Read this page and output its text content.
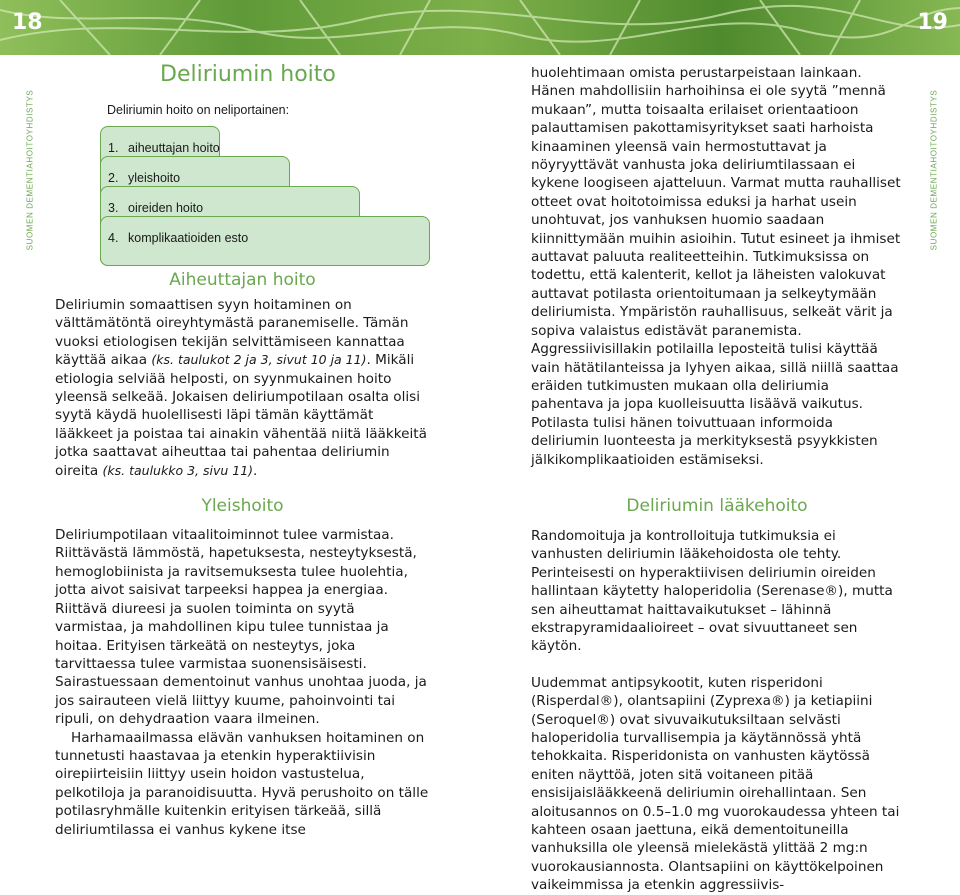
18	19
SUOMEN DEMENTIAHOITOYHDISTYS	SUOMEN DEMENTIAHOITOYHDISTYS
Deliriumin hoito
Deliriumin hoito on neliportainen:
1. aiheuttajan hoito
2. yleishoito
3. oireiden hoito
4. komplikaatioiden esto
Aiheuttajan hoito

Deliriumin somaattisen syyn hoitaminen on välttämätöntä oireyhtymästä paranemiselle. Tämän vuoksi etiologisen tekijän selvittämiseen kannattaa käyttää aikaa (ks. taulukot 2 ja 3, sivut 10 ja 11). Mikäli etiologia selviää helposti, on syynmukainen hoito yleensä selkeää. Jokaisen deliriumpotilaan osalta olisi syytä käydä huolellisesti läpi tämän käyttämät lääkkeet ja poistaa tai ainakin vähentää niitä lääkkeitä jotka saattavat aiheuttaa tai pahentaa deliriumin oireita (ks. taulukko 3, sivu 11).

Yleishoito

Deliriumpotilaan vitaalitoiminnot tulee varmistaa. Riittävästä lämmöstä, hapetuksesta, nesteytyksestä, hemoglobiinista ja ravitsemuksesta tulee huolehtia, jotta aivot saisivat tarpeeksi happea ja energiaa. Riittävä diureesi ja suolen toiminta on syytä varmistaa, ja mahdollinen kipu tulee tunnistaa ja hoitaa. Erityisen tärkeätä on nesteytys, joka tarvittaessa tulee varmistaa suonensisäisesti. Sairastuessaan dementoinut vanhus unohtaa juoda, ja jos sairauteen vielä liittyy kuume, pahoinvointi tai ripuli, on dehydraation vaara ilmeinen.

Harhamaailmassa elävän vanhuksen hoitaminen on tunnetusti haastavaa ja etenkin hyperaktiivisin oirepiirteisiin liittyy usein hoidon vastustelua, pelkotiloja ja paranoidisuutta. Hyvä perushoito on tälle potilasryhmälle kuitenkin erityisen tärkeää, sillä deliriumtilassa ei vanhus kykene itse

huolehtimaan omista perustarpeistaan lainkaan. Hänen mahdollisiin harhoihinsa ei ole syytä ”mennä mukaan”, mutta toisaalta erilaiset orientaatioon palauttamisen pakottamisyritykset saati harhoista kinaaminen yleensä vain hermostuttavat ja nöyryyttävät vanhusta joka deliriumtilassaan ei kykene loogiseen ajatteluun. Varmat mutta rauhalliset otteet ovat hoitotoimissa eduksi ja harhat usein unohtuvat, jos vanhuksen huomio saadaan kiinnittymään muihin asioihin. Tutut esineet ja ihmiset auttavat paluuta realiteetteihin. Tutkimuksissa on todettu, että kalenterit, kellot ja läheisten valokuvat auttavat potilasta orientoitumaan ja selkeytymään deliriumista. Ympäristön rauhallisuus, selkeät värit ja sopiva valaistus edistävät paranemista. Aggressiivisillakin potilailla leposteitä tulisi käyttää vain hätätilanteissa ja lyhyen aikaa, sillä niillä saattaa eräiden tutkimusten mukaan olla deliriumia pahentava ja jopa kuolleisuutta lisäävä vaikutus. Potilasta tulisi hänen toivuttuaan informoida deliriumin luonteesta ja merkityksestä psyykkisten jälkikomplikaatioiden estämiseksi.

Deliriumin lääkehoito

Randomoituja ja kontrolloituja tutkimuksia ei vanhusten deliriumin lääkehoidosta ole tehty. Perinteisesti on hyperaktiivisen deliriumin oireiden hallintaan käytetty haloperidolia (Serenase®), mutta sen aiheuttamat haittavaikutukset – lähinnä ekstrapyramidaalioireet – ovat sivuuttaneet sen käytön.

Uudemmat antipsykootit, kuten risperidoni (Risperdal®), olantsapiini (Zyprexa®) ja ketiapiini (Seroquel®) ovat sivuvaikutuksiltaan selvästi haloperidolia turvallisempia ja käytännössä yhtä tehokkaita. Risperidonista on vanhusten käytössä eniten näyttöä, joten sitä voitaneen pitää ensisijaislääkkeenä deliriumin oirehallintaan. Sen aloitusannos on 0.5–1.0 mg vuorokaudessa yhteen tai kahteen osaan jaettuna, eikä dementoituneilla vanhuksilla ole yleensä mielekästä ylittää 2 mg:n vuorokausiannosta. Olantsapiini on käyttökelpoinen vaikeimmissa ja etenkin aggressiivis-
